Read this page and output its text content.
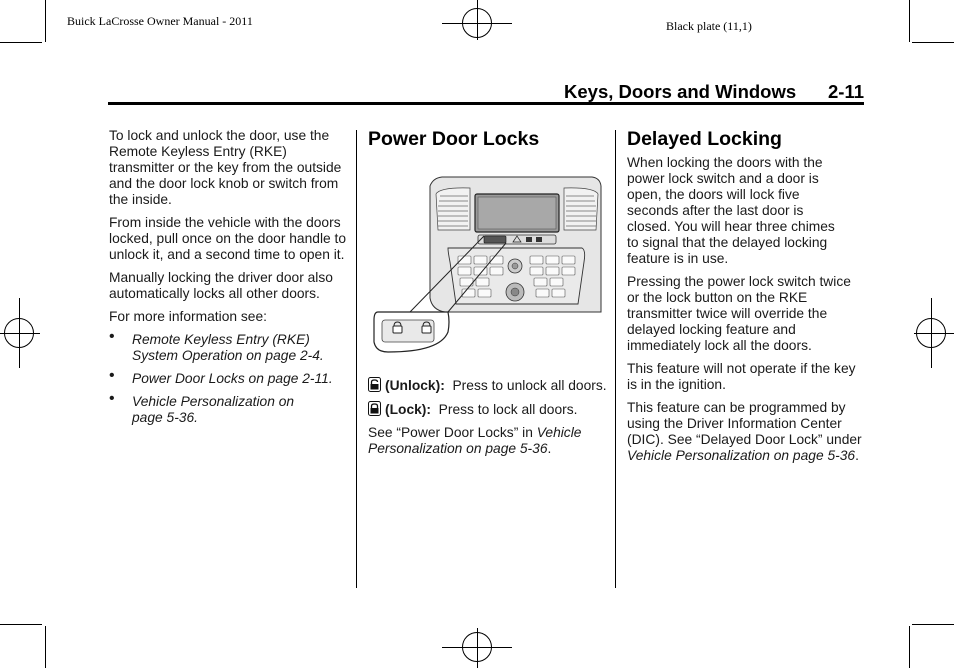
Buick LaCrosse Owner Manual - 2011	Black plate (11,1)
Keys, Doors and Windows 2-11

To lock and unlock the door, use the Remote Keyless Entry (RKE) transmitter or the key from the outside and the door lock knob or switch from the inside.

From inside the vehicle with the doors locked, pull once on the door handle to unlock it, and a second time to open it.

Manually locking the driver door also automatically locks all other doors.

For more information see:

• Remote Keyless Entry (RKE) System Operation on page 2-4.
• Power Door Locks on page 2-11.
• Vehicle Personalization on page 5-36.
Power Door Locks

(Unlock): Press to unlock all doors.

(Lock): Press to lock all doors.

See “Power Door Locks” in Vehicle Personalization on page 5-36.

Delayed Locking

When locking the doors with the power lock switch and a door is open, the doors will lock five seconds after the last door is closed. You will hear three chimes to signal that the delayed locking feature is in use.

Pressing the power lock switch twice or the lock button on the RKE transmitter twice will override the delayed locking feature and immediately lock all the doors.

This feature will not operate if the key is in the ignition.

This feature can be programmed by using the Driver Information Center (DIC). See “Delayed Door Lock” under Vehicle Personalization on page 5-36.
